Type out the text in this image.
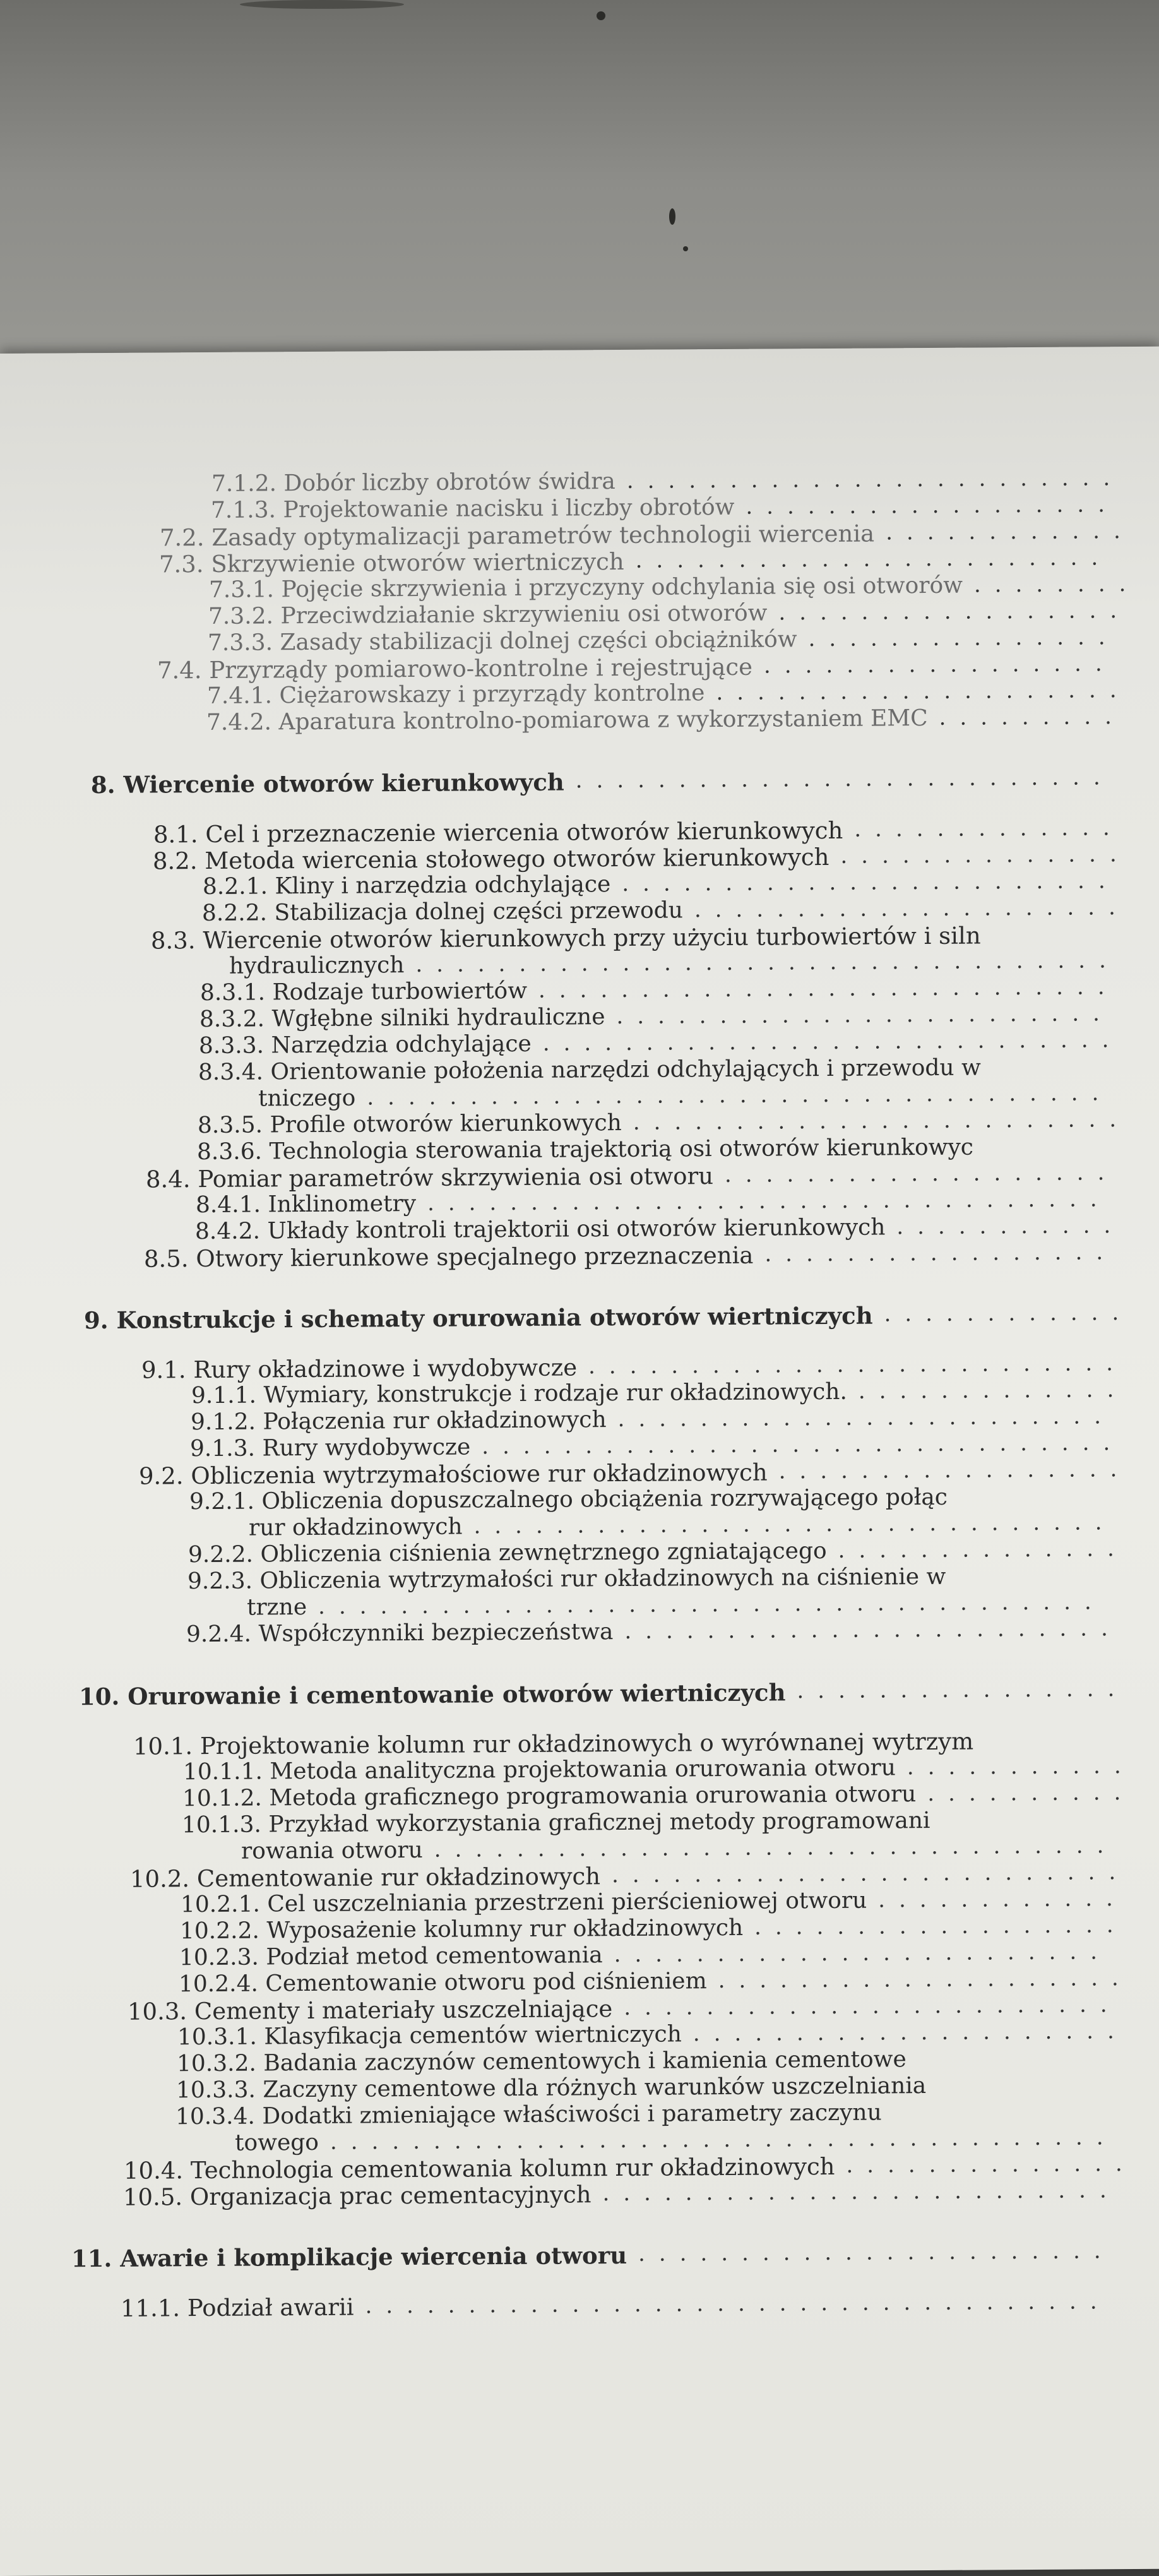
7.1.2. Dobór liczby obrotów świdra ........................
7.1.3. Projektowanie nacisku i liczby obrotów ..................
7.2. Zasady optymalizacji parametrów technologii wiercenia ............
7.3. Skrzywienie otworów wiertniczych .......................
7.3.1. Pojęcie skrzywienia i przyczyny odchylania się osi otworów ........
7.3.2. Przeciwdziałanie skrzywieniu osi otworów .................
7.3.3. Zasady stabilizacji dolnej części obciążników ...............
7.4. Przyrządy pomiarowo-kontrolne i rejestrujące .................
7.4.1. Ciężarowskazy i przyrządy kontrolne ....................
7.4.2. Aparatura kontrolno-pomiarowa z wykorzystaniem EMC .........
8. Wiercenie otworów kierunkowych ..........................
8.1. Cel i przeznaczenie wiercenia otworów kierunkowych .............
8.2. Metoda wiercenia stołowego otworów kierunkowych ..............
8.2.1. Kliny i narzędzia odchylające ........................
8.2.2. Stabilizacja dolnej części przewodu .....................
8.3. Wiercenie otworów kierunkowych przy użyciu turbowiertów i siln
hydraulicznych ..................................
8.3.1. Rodzaje turbowiertów ............................
8.3.2. Wgłębne silniki hydrauliczne ........................
8.3.3. Narzędzia odchylające ............................
8.3.4. Orientowanie położenia narzędzi odchylających i przewodu w
tniczego ....................................
8.3.5. Profile otworów kierunkowych ........................
8.3.6. Technologia sterowania trajektorią osi otworów kierunkowyc
8.4. Pomiar parametrów skrzywienia osi otworu ...................
8.4.1. Inklinometry .................................
8.4.2. Układy kontroli trajektorii osi otworów kierunkowych ...........
8.5. Otwory kierunkowe specjalnego przeznaczenia .................
9. Konstrukcje i schematy orurowania otworów wiertniczych ............
9.1. Rury okładzinowe i wydobywcze ..........................
9.1.1. Wymiary, konstrukcje i rodzaje rur okładzinowych. .............
9.1.2. Połączenia rur okładzinowych ........................
9.1.3. Rury wydobywcze ...............................
9.2. Obliczenia wytrzymałościowe rur okładzinowych .................
9.2.1. Obliczenia dopuszczalnego obciążenia rozrywającego połąc
rur okładzinowych ...............................
9.2.2. Obliczenia ciśnienia zewnętrznego zgniatającego ..............
9.2.3. Obliczenia wytrzymałości rur okładzinowych na ciśnienie w
trzne ......................................
9.2.4. Współczynniki bezpieczeństwa ........................
10. Orurowanie i cementowanie otworów wiertniczych ................
10.1. Projektowanie kolumn rur okładzinowych o wyrównanej wytrzym
10.1.1. Metoda analityczna projektowania orurowania otworu ...........
10.1.2. Metoda graficznego programowania orurowania otworu ..........
10.1.3. Przykład wykorzystania graficznej metody programowani
rowania otworu .................................
10.2. Cementowanie rur okładzinowych .........................
10.2.1. Cel uszczelniania przestrzeni pierścieniowej otworu ............
10.2.2. Wyposażenie kolumny rur okładzinowych ..................
10.2.3. Podział metod cementowania ........................
10.2.4. Cementowanie otworu pod ciśnieniem ....................
10.3. Cementy i materiały uszczelniające ........................
10.3.1. Klasyfikacja cementów wiertniczych .....................
10.3.2. Badania zaczynów cementowych i kamienia cementowe
10.3.3. Zaczyny cementowe dla różnych warunków uszczelniania
10.3.4. Dodatki zmieniające właściwości i parametry zaczynu
towego ......................................
10.4. Technologia cementowania kolumn rur okładzinowych ..............
10.5. Organizacja prac cementacyjnych .........................
11. Awarie i komplikacje wiercenia otworu .......................
11.1. Podział awarii ....................................
